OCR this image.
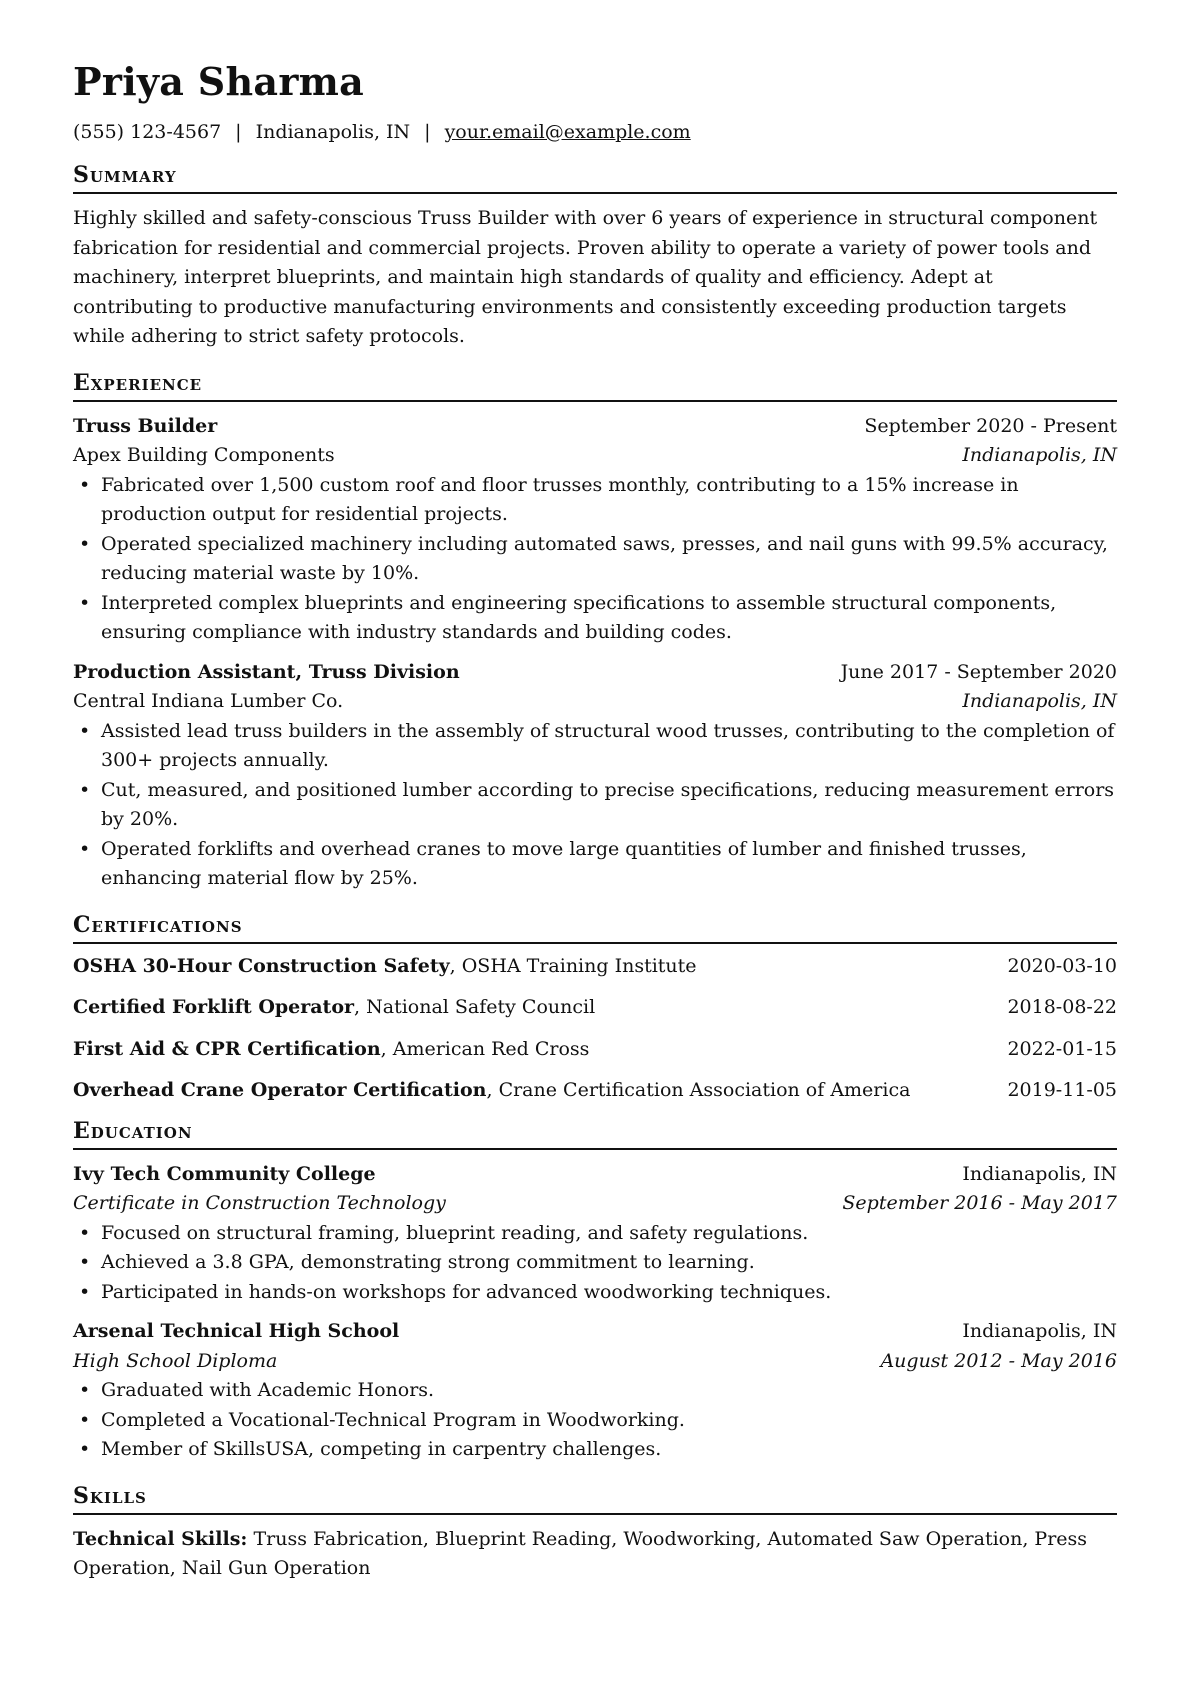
Priya Sharma
(555) 123-4567 | Indianapolis, IN | your.email@example.com
Summary

Highly skilled and safety-conscious Truss Builder with over 6 years of experience in structural component fabrication for residential and commercial projects. Proven ability to operate a variety of power tools and machinery, interpret blueprints, and maintain high standards of quality and efficiency. Adept at contributing to productive manufacturing environments and consistently exceeding production targets while adhering to strict safety protocols.

Experience
Truss Builder	September 2020 - Present
Apex Building Components	Indianapolis, IN
• Fabricated over 1,500 custom roof and floor trusses monthly, contributing to a 15% increase in production output for residential projects.
• Operated specialized machinery including automated saws, presses, and nail guns with 99.5% accuracy, reducing material waste by 10%.
• Interpreted complex blueprints and engineering specifications to assemble structural components, ensuring compliance with industry standards and building codes.
Production Assistant, Truss Division	June 2017 - September 2020
Central Indiana Lumber Co.	Indianapolis, IN
• Assisted lead truss builders in the assembly of structural wood trusses, contributing to the completion of 300+ projects annually.
• Cut, measured, and positioned lumber according to precise specifications, reducing measurement errors by 20%.
• Operated forklifts and overhead cranes to move large quantities of lumber and finished trusses, enhancing material flow by 25%.
Certifications
OSHA 30-Hour Construction Safety, OSHA Training Institute	2020-03-10
Certified Forklift Operator, National Safety Council	2018-08-22
First Aid & CPR Certification, American Red Cross	2022-01-15
Overhead Crane Operator Certification, Crane Certification Association of America	2019-11-05
Education
Ivy Tech Community College	Indianapolis, IN
Certificate in Construction Technology	September 2016 - May 2017
• Focused on structural framing, blueprint reading, and safety regulations.
• Achieved a 3.8 GPA, demonstrating strong commitment to learning.
• Participated in hands-on workshops for advanced woodworking techniques.
Arsenal Technical High School	Indianapolis, IN
High School Diploma	August 2012 - May 2016
• Graduated with Academic Honors.
• Completed a Vocational-Technical Program in Woodworking.
• Member of SkillsUSA, competing in carpentry challenges.
Skills
Technical Skills: Truss Fabrication, Blueprint Reading, Woodworking, Automated Saw Operation, Press Operation, Nail Gun Operation
